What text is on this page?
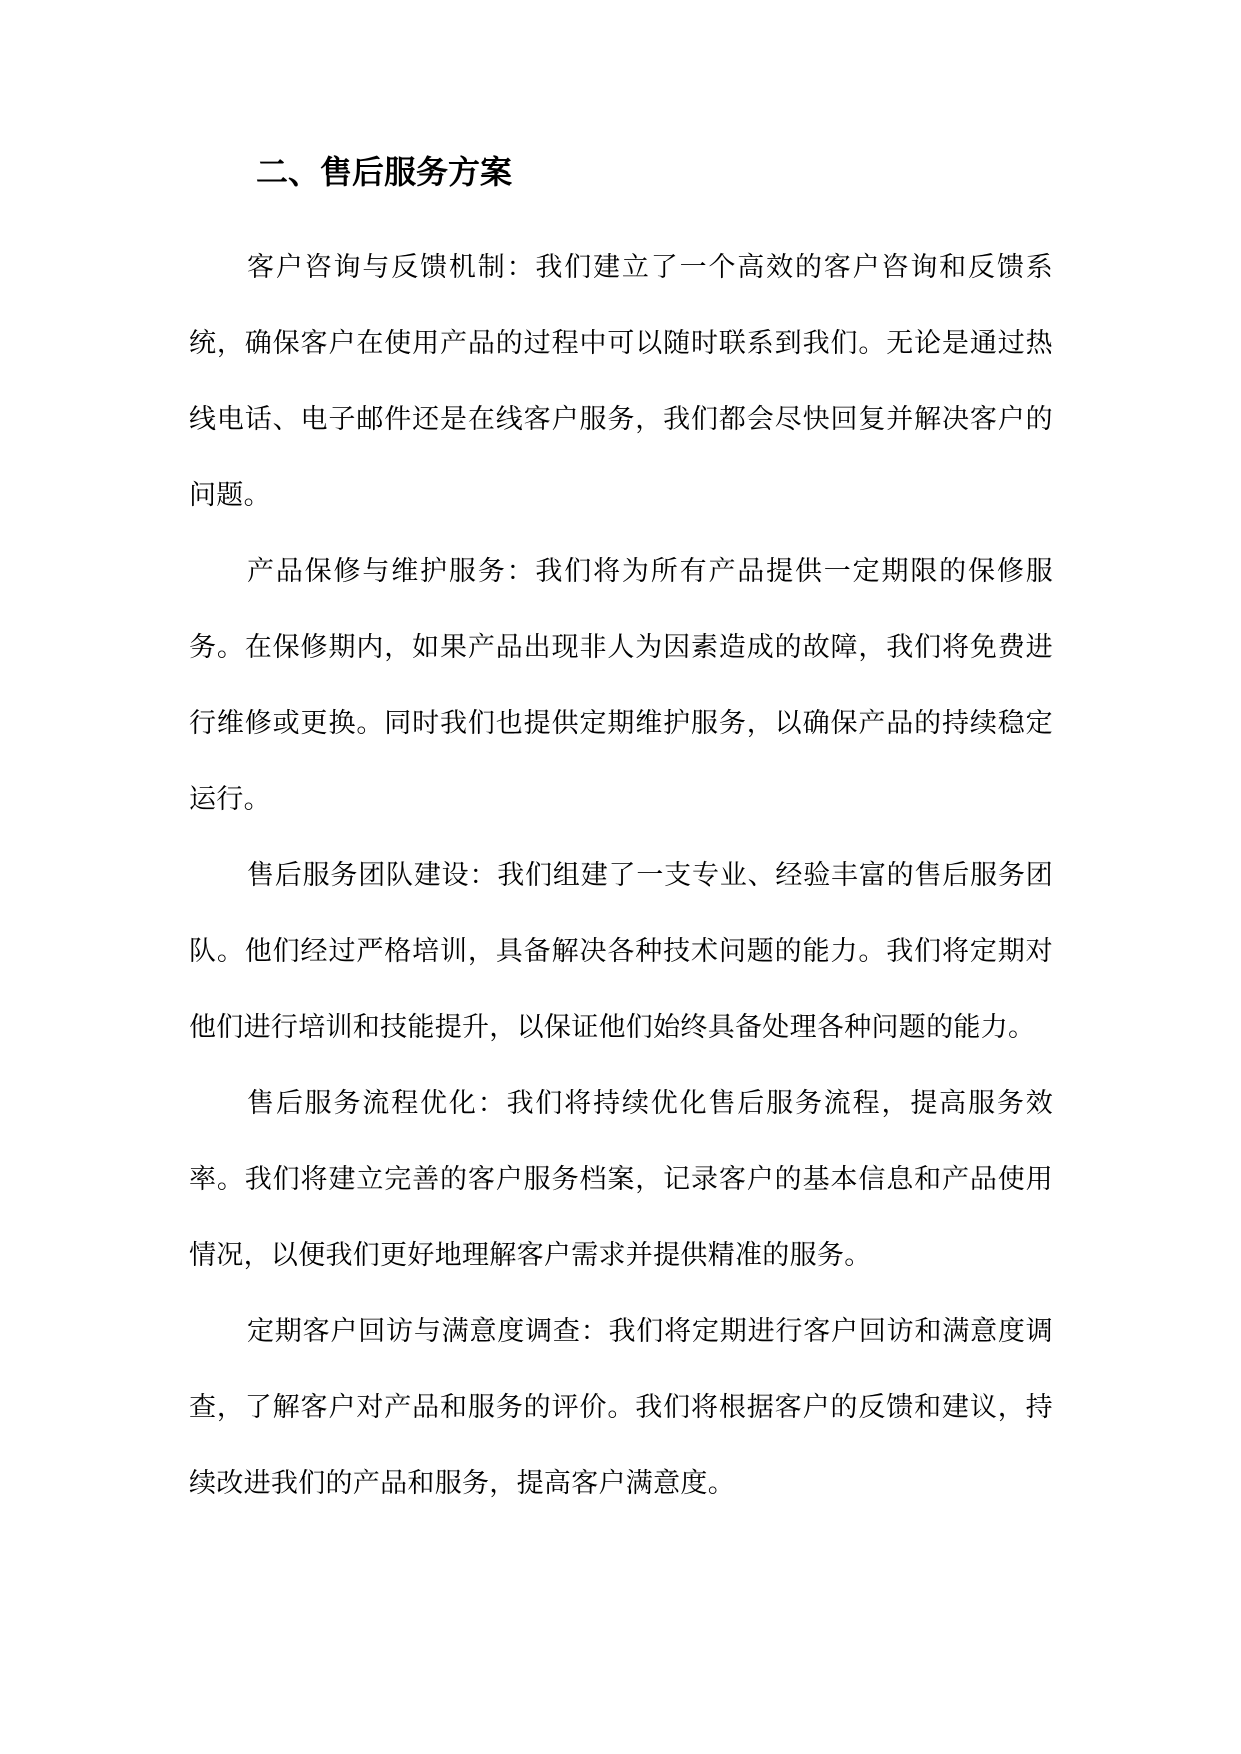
二、售后服务方案

客户咨询与反馈机制：我们建立了一个高效的客户咨询和反馈系统，确保客户在使用产品的过程中可以随时联系到我们。无论是通过热线电话、电子邮件还是在线客户服务，我们都会尽快回复并解决客户的问题。

产品保修与维护服务：我们将为所有产品提供一定期限的保修服务。在保修期内，如果产品出现非人为因素造成的故障，我们将免费进行维修或更换。同时我们也提供定期维护服务，以确保产品的持续稳定运行。

售后服务团队建设：我们组建了一支专业、经验丰富的售后服务团队。他们经过严格培训，具备解决各种技术问题的能力。我们将定期对他们进行培训和技能提升，以保证他们始终具备处理各种问题的能力。

售后服务流程优化：我们将持续优化售后服务流程，提高服务效率。我们将建立完善的客户服务档案，记录客户的基本信息和产品使用情况，以便我们更好地理解客户需求并提供精准的服务。

定期客户回访与满意度调查：我们将定期进行客户回访和满意度调查，了解客户对产品和服务的评价。我们将根据客户的反馈和建议，持续改进我们的产品和服务，提高客户满意度。
